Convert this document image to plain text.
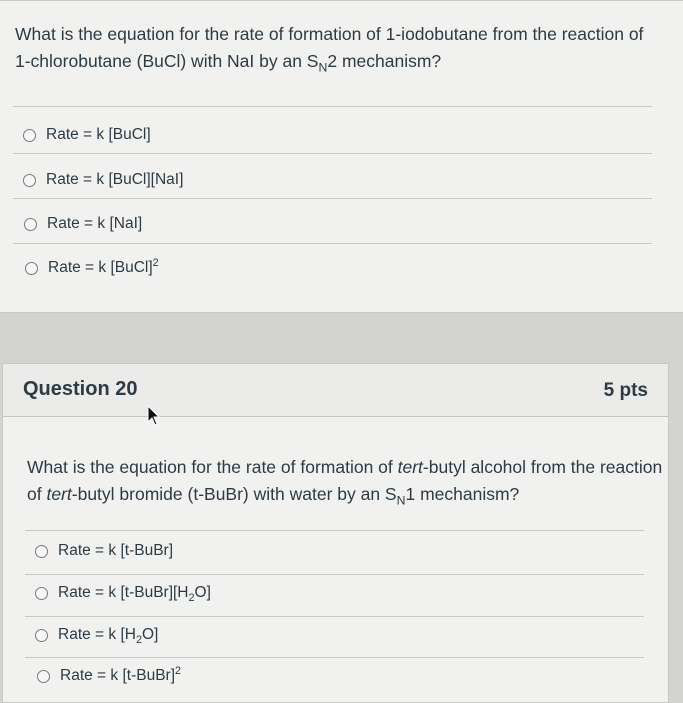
What is the equation for the rate of formation of 1-iodobutane from the reaction of 1-chlorobutane (BuCl) with NaI by an $S_N2$ mechanism?
Rate = k [BuCl]
Rate = k [BuCl][NaI]
Rate = k [NaI]
Rate = k [BuCl]$^2$
Question 20	5 pts
What is the equation for the rate of formation of tert-butyl alcohol from the reaction of tert-butyl bromide (t-BuBr) with water by an $S_N1$ mechanism?
Rate = k [t-BuBr]
Rate = k $[t-BuBr][H_2O]$
Rate = k $[H_2O]$
Rate = k [t-BuBr]$^2$
